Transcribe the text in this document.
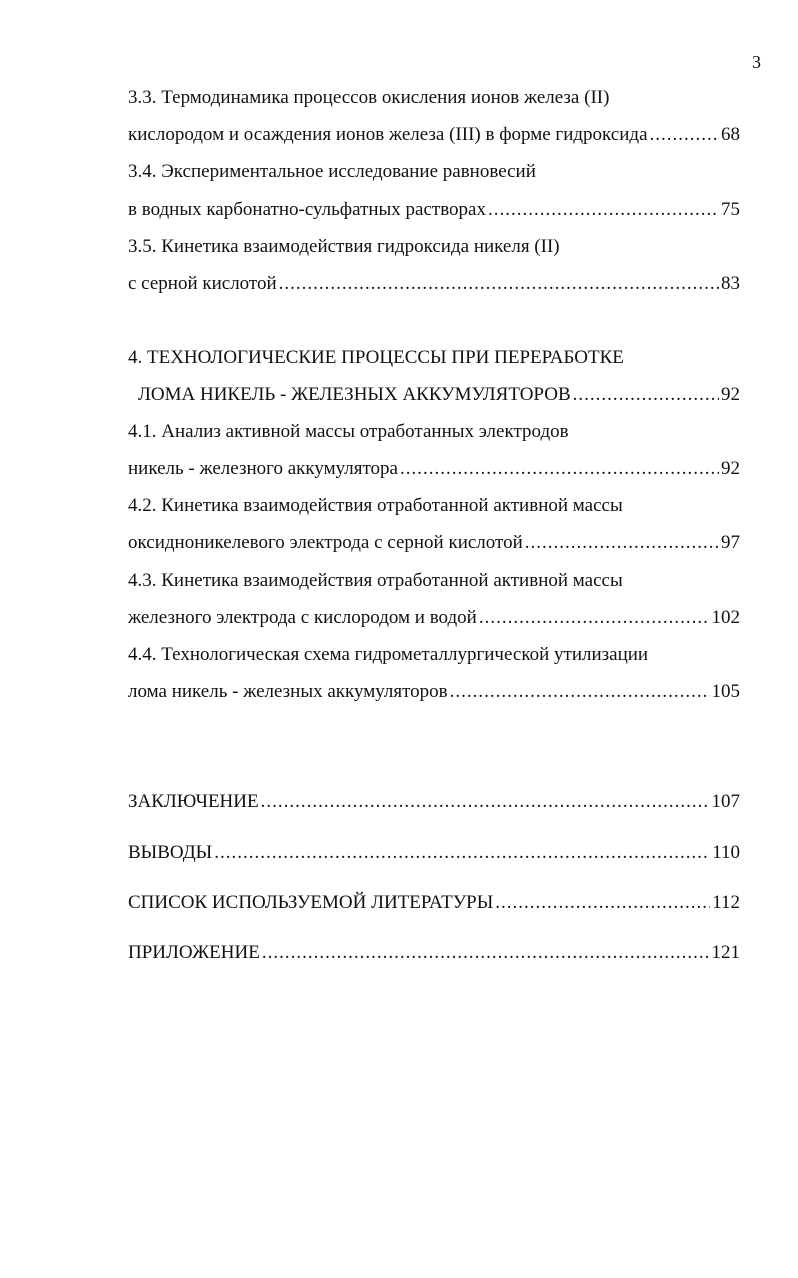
3
3.3. Термодинамика процессов окисления ионов железа (II)
кислородом и осаждения ионов железа (III) в форме гидроксида .....	68
3.4. Экспериментальное исследование равновесий
в водных карбонатно-сульфатных растворах .....	75
3.5. Кинетика взаимодействия гидроксида никеля (II)
с серной кислотой .....	83
4. ТЕХНОЛОГИЧЕСКИЕ ПРОЦЕССЫ ПРИ ПЕРЕРАБОТКЕ
ЛОМА НИКЕЛЬ - ЖЕЛЕЗНЫХ АККУМУЛЯТОРОВ .....	92
4.1. Анализ активной массы отработанных электродов
никель - железного аккумулятора .....	92
4.2. Кинетика взаимодействия отработанной активной массы
оксидноникелевого электрода с серной кислотой .....	97
4.3. Кинетика взаимодействия отработанной активной массы
железного электрода с кислородом и водой .....	102
4.4. Технологическая схема гидрометаллургической утилизации
лома никель - железных аккумуляторов .....	105
ЗАКЛЮЧЕНИЕ .....	107
ВЫВОДЫ .....	110
СПИСОК ИСПОЛЬЗУЕМОЙ ЛИТЕРАТУРЫ .....	112
ПРИЛОЖЕНИЕ .....	121
